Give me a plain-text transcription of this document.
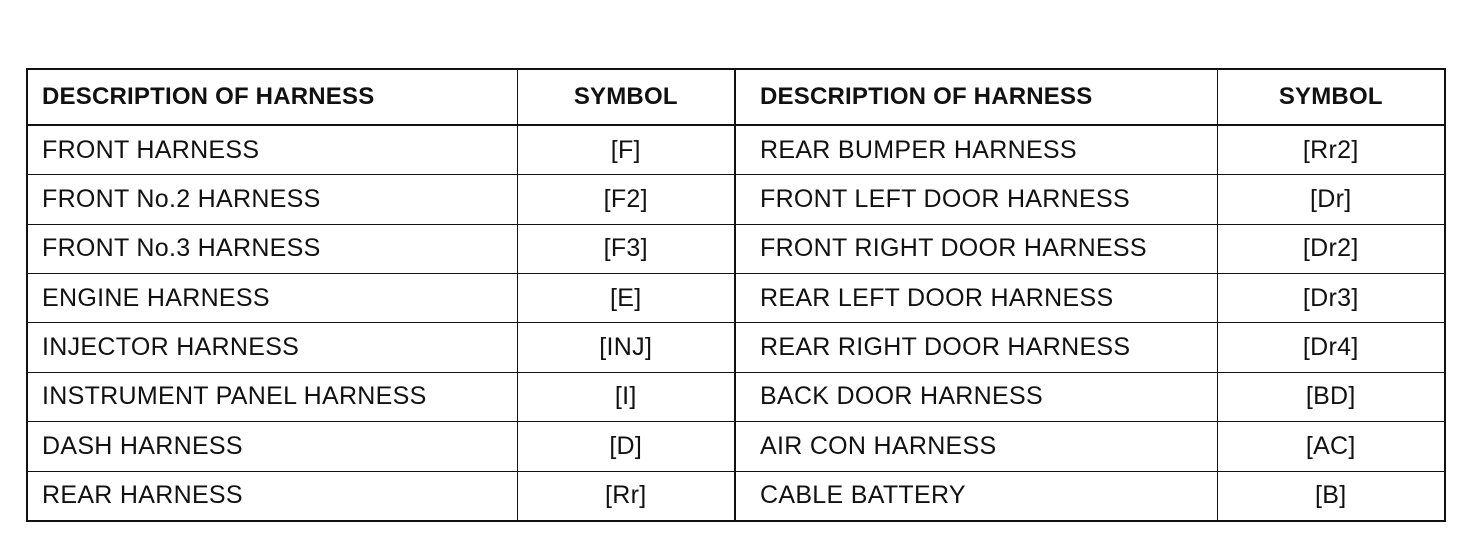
DESCRIPTION OF HARNESS	SYMBOL	DESCRIPTION OF HARNESS	SYMBOL
FRONT HARNESS	[F]	REAR BUMPER HARNESS	[Rr2]
FRONT No.2 HARNESS	[F2]	FRONT LEFT DOOR HARNESS	[Dr]
FRONT No.3 HARNESS	[F3]	FRONT RIGHT DOOR HARNESS	[Dr2]
ENGINE HARNESS	[E]	REAR LEFT DOOR HARNESS	[Dr3]
INJECTOR HARNESS	[INJ]	REAR RIGHT DOOR HARNESS	[Dr4]
INSTRUMENT PANEL HARNESS	[I]	BACK DOOR HARNESS	[BD]
DASH HARNESS	[D]	AIR CON HARNESS	[AC]
REAR HARNESS	[Rr]	CABLE BATTERY	[B]
